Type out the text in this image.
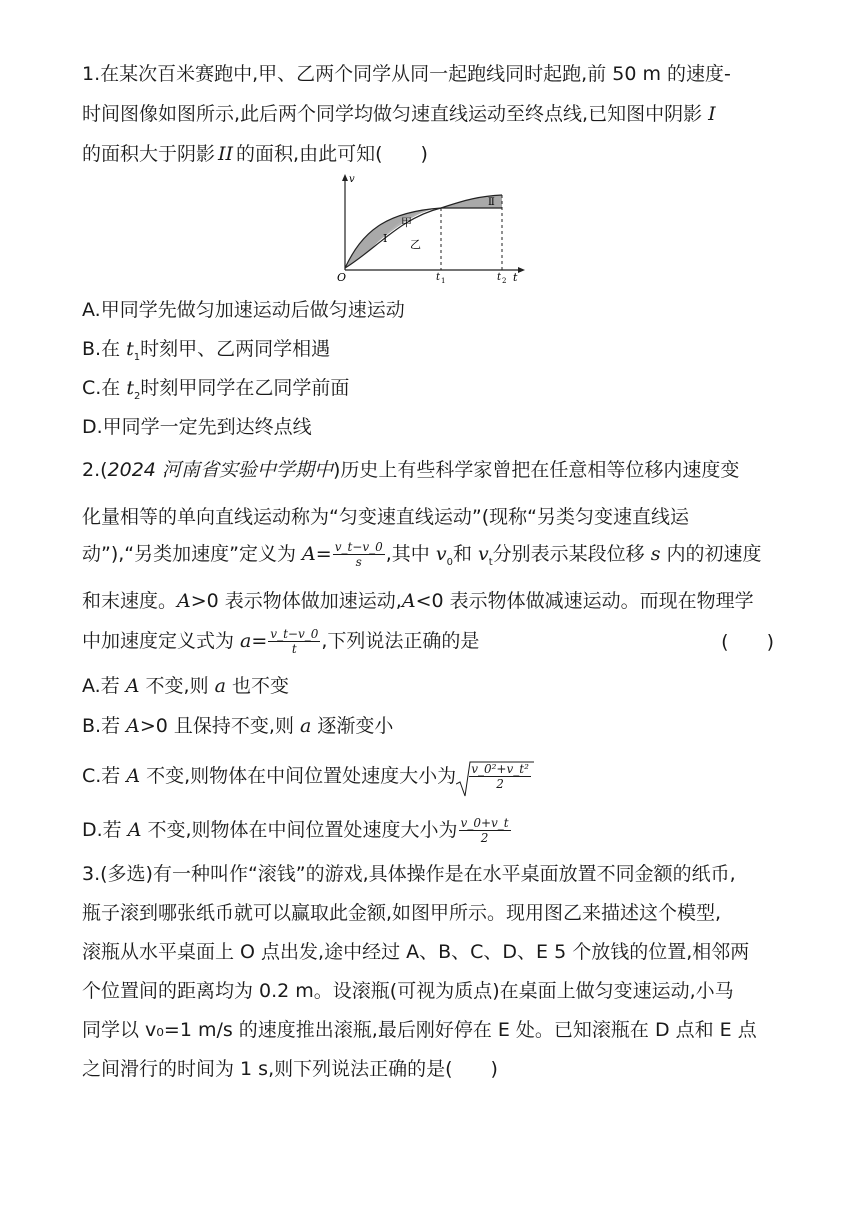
1.在某次百米赛跑中,甲、乙两个同学从同一起跑线同时起跑,前 50 m 的速度-
时间图像如图所示,此后两个同学均做匀速直线运动至终点线,已知图中阴影 I
的面积大于阴影 II 的面积,由此可知(　　)
v
O	t
t 1	t 2
Ⅰ
Ⅱ
甲
乙
A.甲同学先做匀加速运动后做匀速运动
B.在 $t_1$时刻甲、乙两同学相遇
C.在 $t_2$时刻甲同学在乙同学前面
D.甲同学一定先到达终点线
2.(2024 河南省实验中学期中)历史上有些科学家曾把在任意相等位移内速度变
化量相等的单向直线运动称为“匀变速直线运动”(现称“另类匀变速直线运
动”),“另类加速度”定义为 $A= \frac{v\_t-v\_0}{s}$ ,其中 $v_0$和 $v_t$分别表示某段位移 s 内的初速度
和末速度。A>0 表示物体做加速运动,A<0 表示物体做减速运动。而现在物理学
中加速度定义式为 $a= \frac{v\_t-v\_0}{t}$ ,下列说法正确的是	(　　)
A.若 A 不变,则 a 也不变
B.若 A>0 且保持不变,则 a 逐渐变小
C.若 A 不变,则物体在中间位置处速度大小为 $\frac{\text{v\_0²+v\_t²}}{2}$
D.若 A 不变,则物体在中间位置处速度大小为 $\frac{v\_0+v\_t}{2}$
3.(多选)有一种叫作“滚钱”的游戏,具体操作是在水平桌面放置不同金额的纸币,
瓶子滚到哪张纸币就可以赢取此金额,如图甲所示。现用图乙来描述这个模型,
滚瓶从水平桌面上 O 点出发,途中经过 A、B、C、D、E 5 个放钱的位置,相邻两
个位置间的距离均为 0.2 m。设滚瓶(可视为质点)在桌面上做匀变速运动,小马
同学以 v₀=1 m/s 的速度推出滚瓶,最后刚好停在 E 处。已知滚瓶在 D 点和 E 点
之间滑行的时间为 1 s,则下列说法正确的是(　　)
